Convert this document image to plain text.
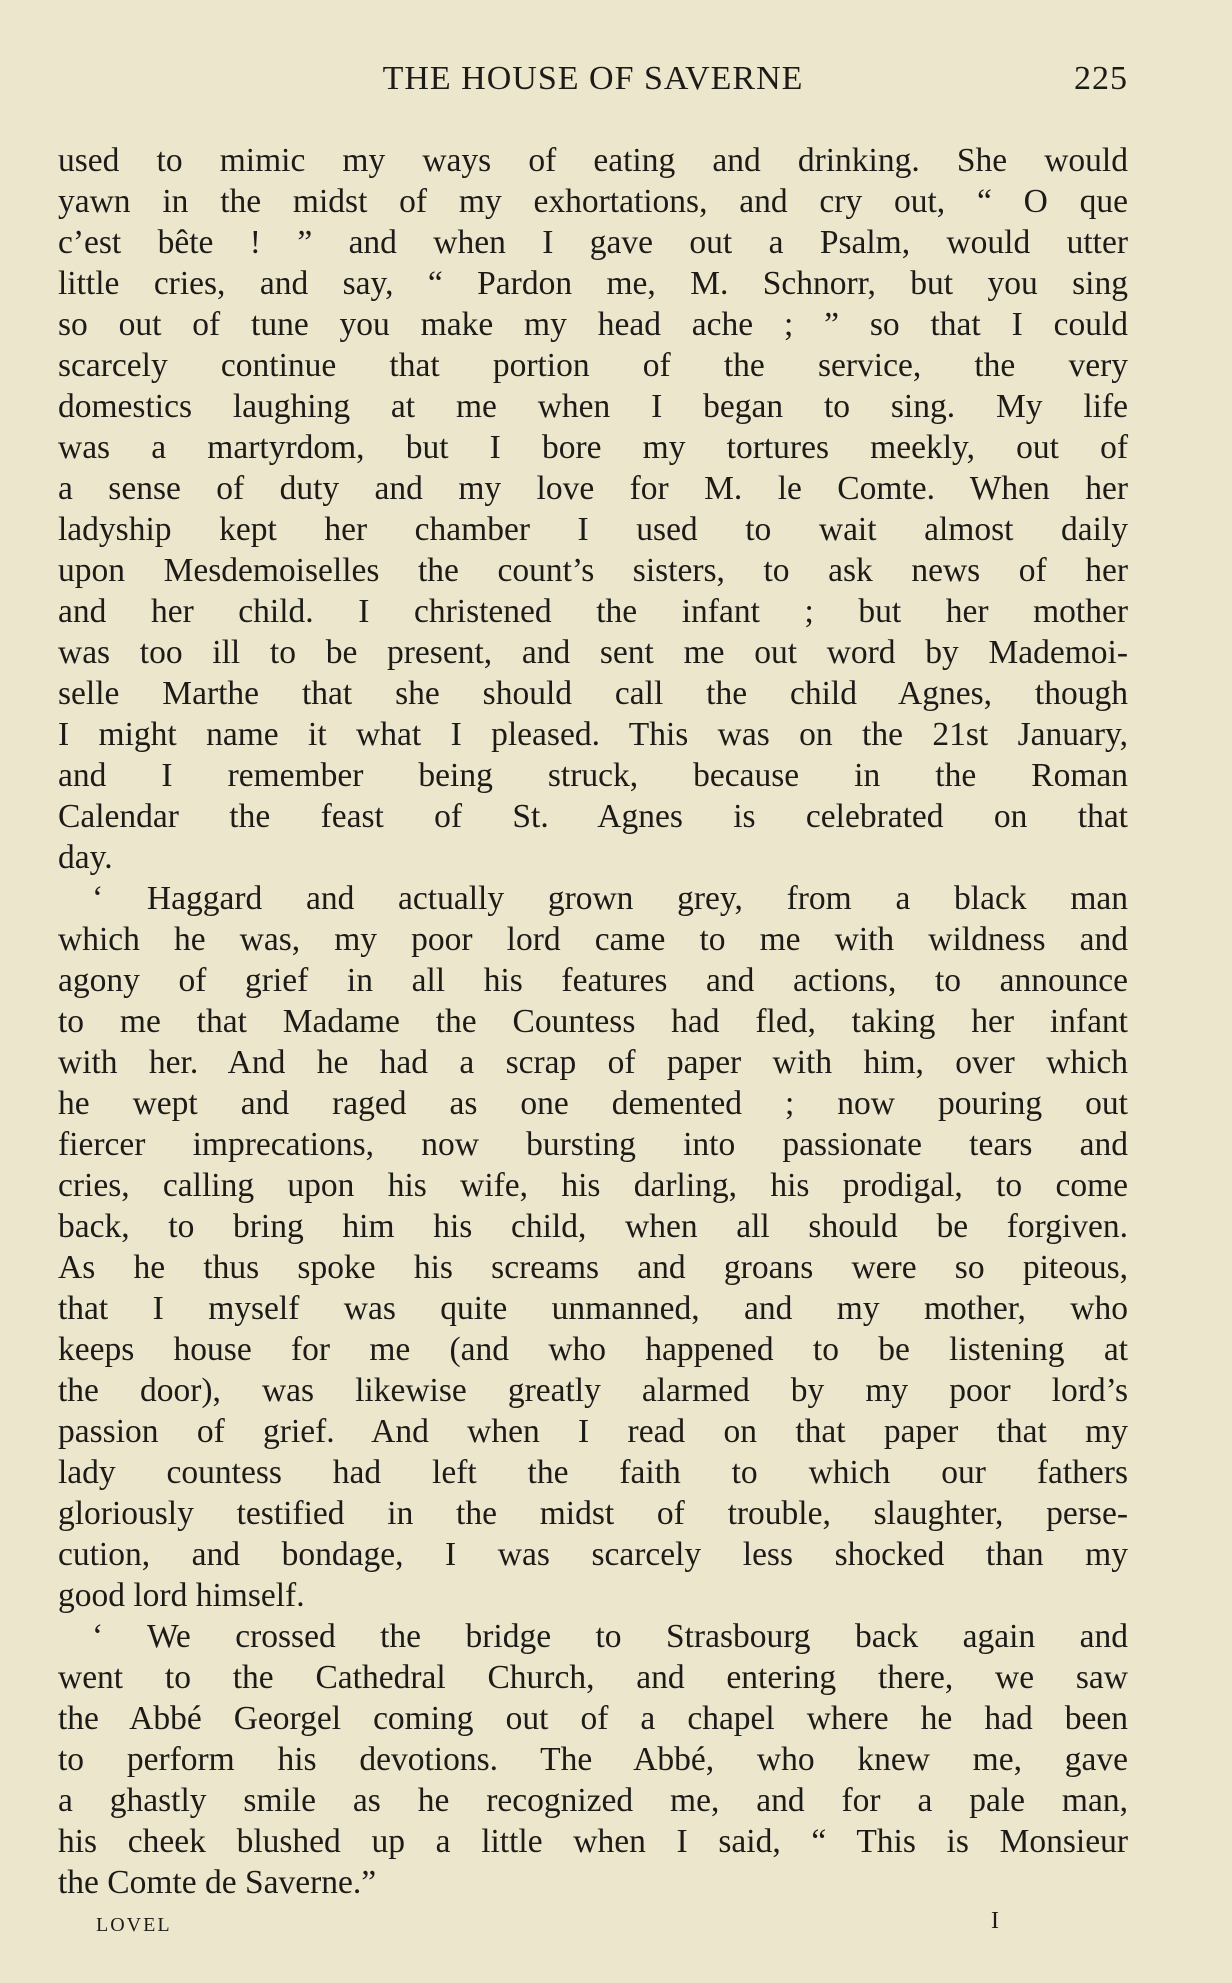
THE HOUSE OF SAVERNE	225
used to mimic my ways of eating and drinking. She would
yawn in the midst of my exhortations, and cry out, “ O que
c’est bête ! ” and when I gave out a Psalm, would utter
little cries, and say, “ Pardon me, M. Schnorr, but you sing
so out of tune you make my head ache ; ” so that I could
scarcely continue that portion of the service, the very
domestics laughing at me when I began to sing. My life
was a martyrdom, but I bore my tortures meekly, out of
a sense of duty and my love for M. le Comte. When her
ladyship kept her chamber I used to wait almost daily
upon Mesdemoiselles the count’s sisters, to ask news of her
and her child. I christened the infant ; but her mother
was too ill to be present, and sent me out word by Mademoi-
selle Marthe that she should call the child Agnes, though
I might name it what I pleased. This was on the 21st January,
and I remember being struck, because in the Roman
Calendar the feast of St. Agnes is celebrated on that
day.
‘ Haggard and actually grown grey, from a black man
which he was, my poor lord came to me with wildness and
agony of grief in all his features and actions, to announce
to me that Madame the Countess had fled, taking her infant
with her. And he had a scrap of paper with him, over which
he wept and raged as one demented ; now pouring out
fiercer imprecations, now bursting into passionate tears and
cries, calling upon his wife, his darling, his prodigal, to come
back, to bring him his child, when all should be forgiven.
As he thus spoke his screams and groans were so piteous,
that I myself was quite unmanned, and my mother, who
keeps house for me (and who happened to be listening at
the door), was likewise greatly alarmed by my poor lord’s
passion of grief. And when I read on that paper that my
lady countess had left the faith to which our fathers
gloriously testified in the midst of trouble, slaughter, perse-
cution, and bondage, I was scarcely less shocked than my
good lord himself.
‘ We crossed the bridge to Strasbourg back again and
went to the Cathedral Church, and entering there, we saw
the Abbé Georgel coming out of a chapel where he had been
to perform his devotions. The Abbé, who knew me, gave
a ghastly smile as he recognized me, and for a pale man,
his cheek blushed up a little when I said, “ This is Monsieur
the Comte de Saverne.”
LOVEL	I
